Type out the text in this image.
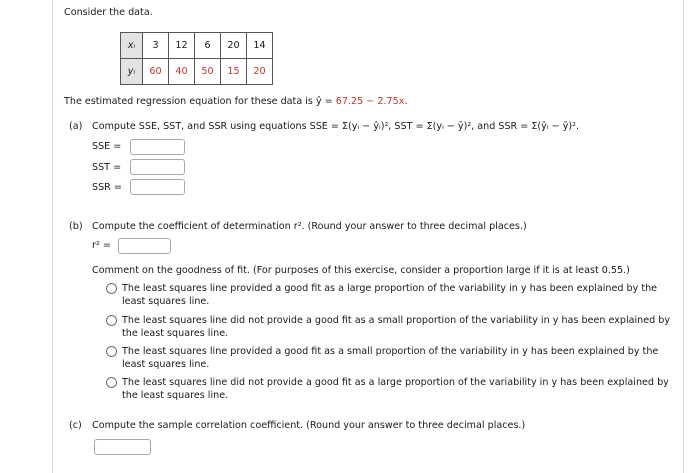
Consider the data.
xᵢ	3	12	6	20	14
yᵢ	60	40	50	15	20
The estimated regression equation for these data is ŷ = 67.25 − 2.75x.
(a) Compute SSE, SST, and SSR using equations SSE = Σ(yᵢ − ŷᵢ)², SST = Σ(yᵢ − ȳ)², and SSR = Σ(ŷᵢ − ȳ)².
SSE =
SST =
SSR =
(b) Compute the coefficient of determination r². (Round your answer to three decimal places.)
r² =
Comment on the goodness of fit. (For purposes of this exercise, consider a proportion large if it is at least 0.55.)
The least squares line provided a good fit as a large proportion of the variability in y has been explained by the least squares line.
The least squares line did not provide a good fit as a small proportion of the variability in y has been explained by the least squares line.
The least squares line provided a good fit as a small proportion of the variability in y has been explained by the least squares line.
The least squares line did not provide a good fit as a large proportion of the variability in y has been explained by the least squares line.
(c) Compute the sample correlation coefficient. (Round your answer to three decimal places.)
